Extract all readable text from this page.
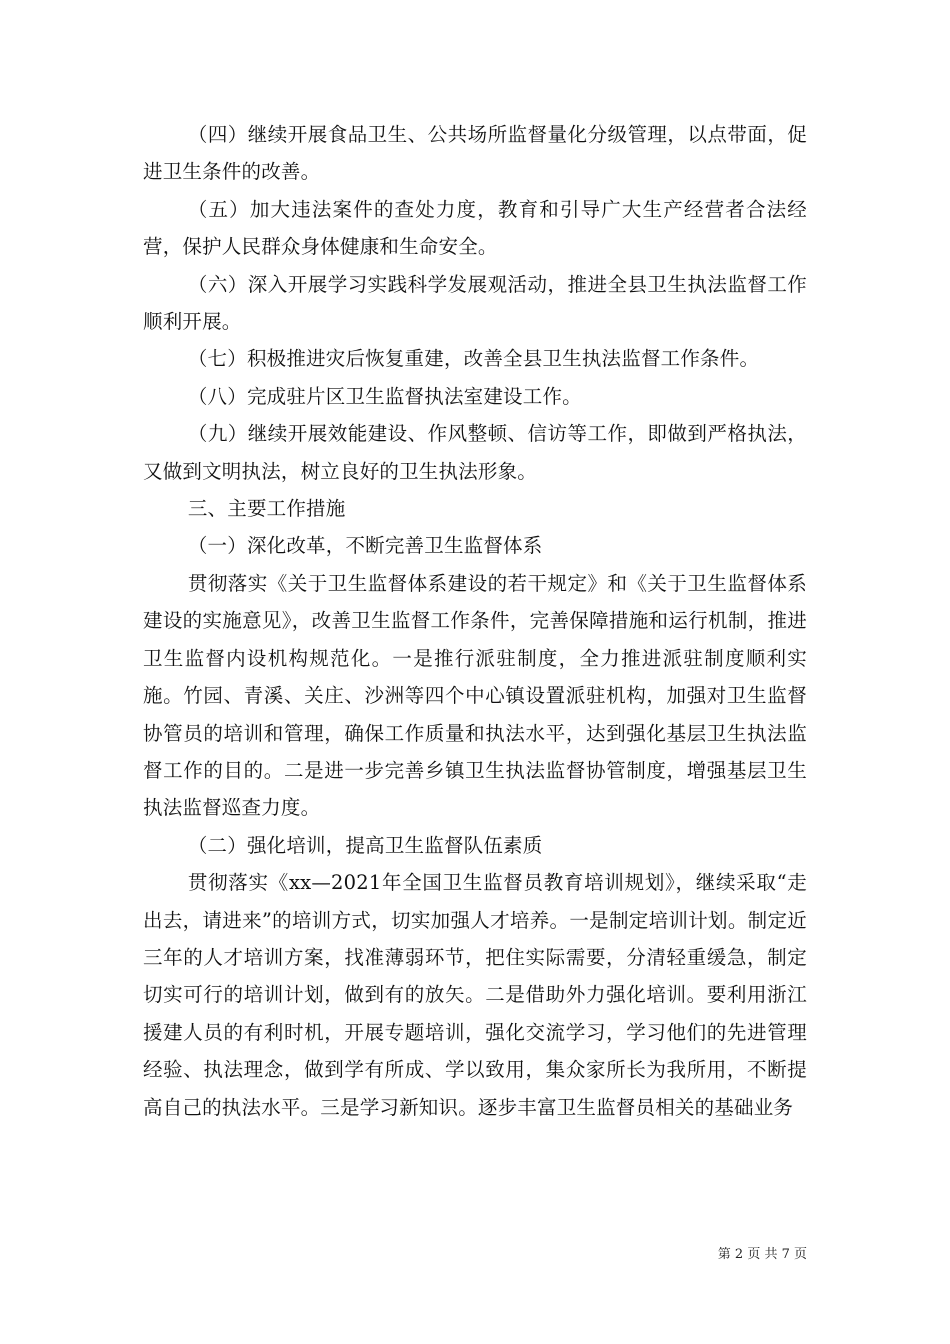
（四）继续开展食品卫生、公共场所监督量化分级管理，以点带面，促进卫生条件的改善。

（五）加大违法案件的查处力度，教育和引导广大生产经营者合法经营，保护人民群众身体健康和生命安全。

（六）深入开展学习实践科学发展观活动，推进全县卫生执法监督工作顺利开展。

（七）积极推进灾后恢复重建，改善全县卫生执法监督工作条件。

（八）完成驻片区卫生监督执法室建设工作。

（九）继续开展效能建设、作风整顿、信访等工作，即做到严格执法，又做到文明执法，树立良好的卫生执法形象。

三、主要工作措施

（一）深化改革，不断完善卫生监督体系

贯彻落实《关于卫生监督体系建设的若干规定》和《关于卫生监督体系建设的实施意见》，改善卫生监督工作条件，完善保障措施和运行机制，推进卫生监督内设机构规范化。一是推行派驻制度，全力推进派驻制度顺利实施。竹园、青溪、关庄、沙洲等四个中心镇设置派驻机构，加强对卫生监督协管员的培训和管理，确保工作质量和执法水平，达到强化基层卫生执法监督工作的目的。二是进一步完善乡镇卫生执法监督协管制度，增强基层卫生执法监督巡查力度。

（二）强化培训，提高卫生监督队伍素质

贯彻落实《xx—2021年全国卫生监督员教育培训规划》，继续采取“走出去，请进来”的培训方式，切实加强人才培养。一是制定培训计划。制定近三年的人才培训方案，找准薄弱环节，把住实际需要，分清轻重缓急，制定切实可行的培训计划，做到有的放矢。二是借助外力强化培训。要利用浙江援建人员的有利时机，开展专题培训，强化交流学习，学习他们的先进管理经验、执法理念，做到学有所成、学以致用，集众家所长为我所用，不断提高自己的执法水平。三是学习新知识。逐步丰富卫生监督员相关的基础业务

第 2 页 共 7 页
